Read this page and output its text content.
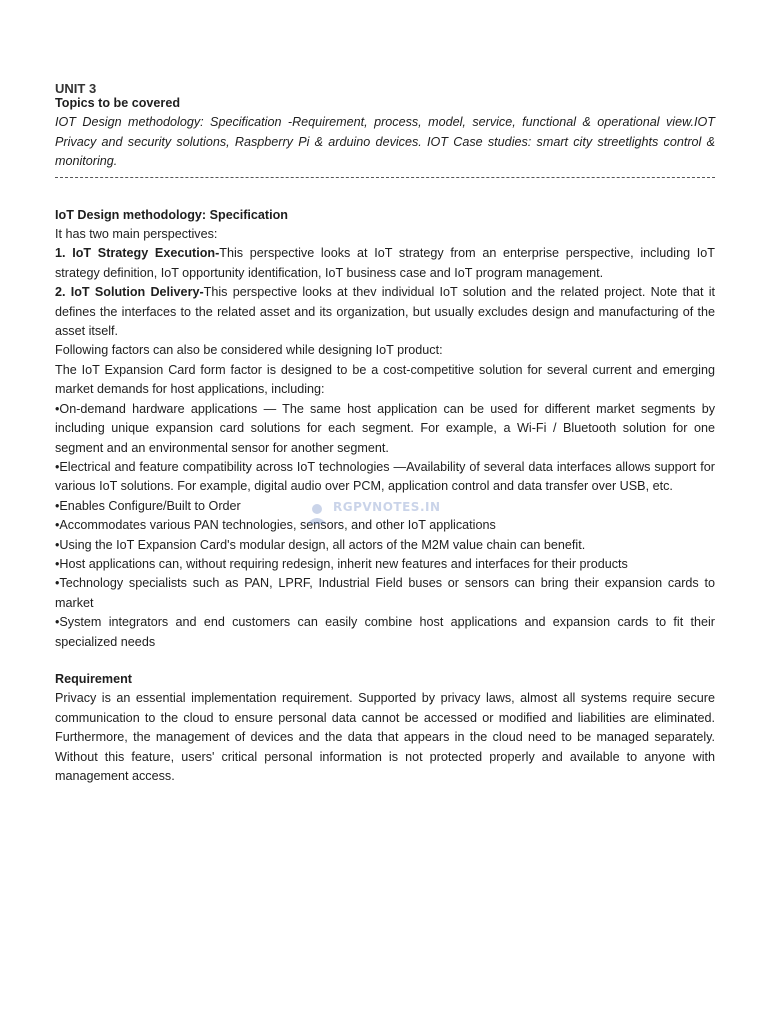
UNIT 3

Topics to be covered

IOT Design methodology: Specification -Requirement, process, model, service, functional & operational view.IOT Privacy and security solutions, Raspberry Pi & arduino devices. IOT Case studies: smart city streetlights control & monitoring.

IoT Design methodology: Specification

It has two main perspectives:

1. IoT Strategy Execution-This perspective looks at IoT strategy from an enterprise perspective, including IoT strategy definition, IoT opportunity identification, IoT business case and IoT program management.

2. IoT Solution Delivery-This perspective looks at thev individual IoT solution and the related project. Note that it defines the interfaces to the related asset and its organization, but usually excludes design and manufacturing of the asset itself.

Following factors can also be considered while designing IoT product:

The IoT Expansion Card form factor is designed to be a cost-competitive solution for several current and emerging market demands for host applications, including:

•On-demand hardware applications — The same host application can be used for different market segments by including unique expansion card solutions for each segment. For example, a Wi-Fi / Bluetooth solution for one segment and an environmental sensor for another segment.

•Electrical and feature compatibility across IoT technologies —Availability of several data interfaces allows support for various IoT solutions. For example, digital audio over PCM, application control and data transfer over USB, etc.

•Enables Configure/Built to Order

•Accommodates various PAN technologies, sensors, and other IoT applications

•Using the IoT Expansion Card's modular design, all actors of the M2M value chain can benefit.

•Host applications can, without requiring redesign, inherit new features and interfaces for their products

•Technology specialists such as PAN, LPRF, Industrial Field buses or sensors can bring their expansion cards to market

•System integrators and end customers can easily combine host applications and expansion cards to fit their specialized needs

Requirement

Privacy is an essential implementation requirement. Supported by privacy laws, almost all systems require secure communication to the cloud to ensure personal data cannot be accessed or modified and liabilities are eliminated. Furthermore, the management of devices and the data that appears in the cloud need to be managed separately. Without this feature, users' critical personal information is not protected properly and available to anyone with management access.

RGPVNOTES.IN
